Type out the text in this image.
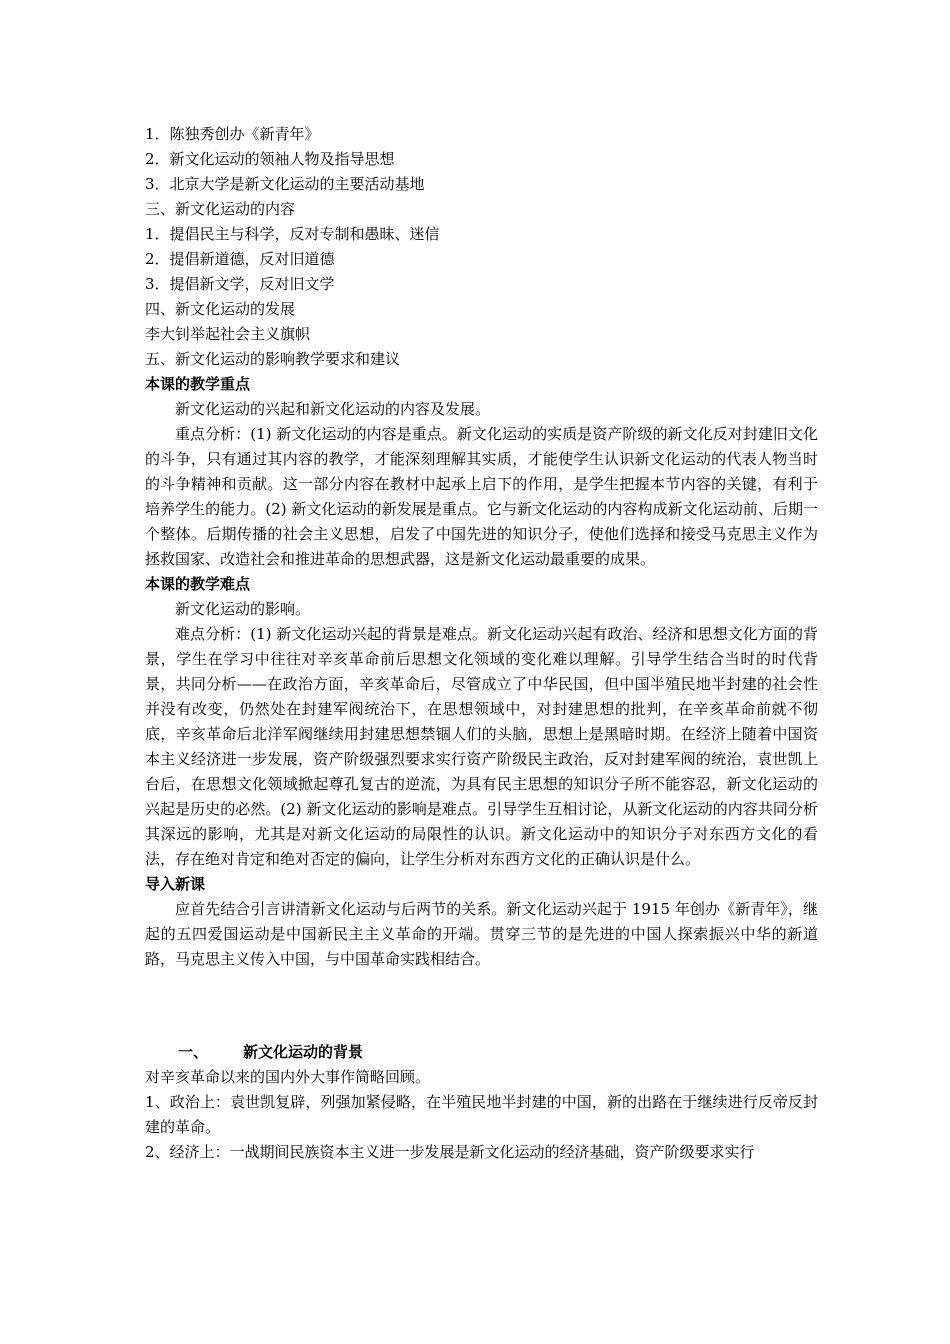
1．陈独秀创办《新青年》
2．新文化运动的领袖人物及指导思想
3．北京大学是新文化运动的主要活动基地
三、新文化运动的内容
1．提倡民主与科学，反对专制和愚昧、迷信
2．提倡新道德，反对旧道德
3．提倡新文学，反对旧文学
四、新文化运动的发展
李大钊举起社会主义旗帜
五、新文化运动的影响教学要求和建议
本课的教学重点

新文化运动的兴起和新文化运动的内容及发展。

重点分析：(1) 新文化运动的内容是重点。新文化运动的实质是资产阶级的新文化反对封建旧文化的斗争，只有通过其内容的教学，才能深刻理解其实质，才能使学生认识新文化运动的代表人物当时的斗争精神和贡献。这一部分内容在教材中起承上启下的作用，是学生把握本节内容的关键，有利于培养学生的能力。(2) 新文化运动的新发展是重点。它与新文化运动的内容构成新文化运动前、后期一个整体。后期传播的社会主义思想，启发了中国先进的知识分子，使他们选择和接受马克思主义作为拯救国家、改造社会和推进革命的思想武器，这是新文化运动最重要的成果。

本课的教学难点

新文化运动的影响。

难点分析：(1) 新文化运动兴起的背景是难点。新文化运动兴起有政治、经济和思想文化方面的背景，学生在学习中往往对辛亥革命前后思想文化领域的变化难以理解。引导学生结合当时的时代背景，共同分析——在政治方面，辛亥革命后，尽管成立了中华民国，但中国半殖民地半封建的社会性并没有改变，仍然处在封建军阀统治下，在思想领域中，对封建思想的批判，在辛亥革命前就不彻底，辛亥革命后北洋军阀继续用封建思想禁锢人们的头脑，思想上是黑暗时期。在经济上随着中国资本主义经济进一步发展，资产阶级强烈要求实行资产阶级民主政治，反对封建军阀的统治，袁世凯上台后，在思想文化领域掀起尊孔复古的逆流，为具有民主思想的知识分子所不能容忍，新文化运动的兴起是历史的必然。(2) 新文化运动的影响是难点。引导学生互相讨论，从新文化运动的内容共同分析其深远的影响，尤其是对新文化运动的局限性的认识。新文化运动中的知识分子对东西方文化的看法，存在绝对肯定和绝对否定的偏向，让学生分析对东西方文化的正确认识是什么。

导入新课

应首先结合引言讲清新文化运动与后两节的关系。新文化运动兴起于 1915 年创办《新青年》，继起的五四爱国运动是中国新民主主义革命的开端。贯穿三节的是先进的中国人探索振兴中华的新道路，马克思主义传入中国，与中国革命实践相结合。

一、 新文化运动的背景
对辛亥革命以来的国内外大事作简略回顾。

1、政治上：袁世凯复辟，列强加紧侵略，在半殖民地半封建的中国，新的出路在于继续进行反帝反封建的革命。

2、经济上：一战期间民族资本主义进一步发展是新文化运动的经济基础，资产阶级要求实行
